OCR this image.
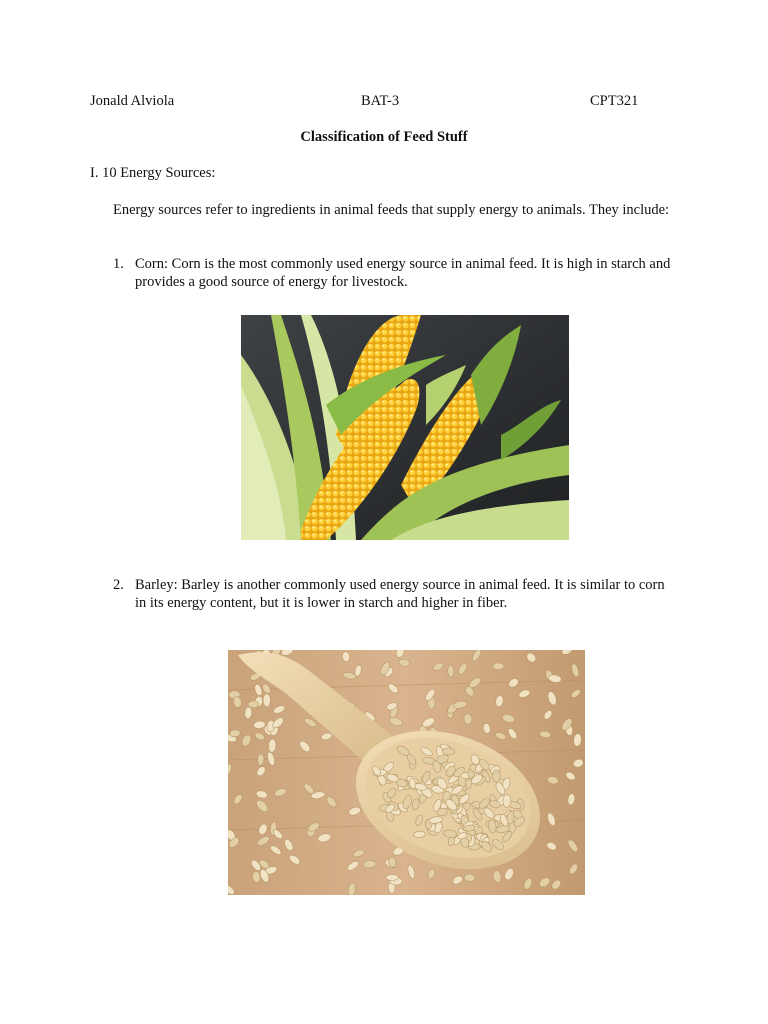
Jonald Alviola	BAT-3	CPT321
Classification of Feed Stuff
I. 10 Energy Sources:
Energy sources refer to ingredients in animal feeds that supply energy to animals. They include:
1. Corn: Corn is the most commonly used energy source in animal feed. It is high in starch and provides a good source of energy for livestock.
2. Barley: Barley is another commonly used energy source in animal feed. It is similar to corn in its energy content, but it is lower in starch and higher in fiber.
